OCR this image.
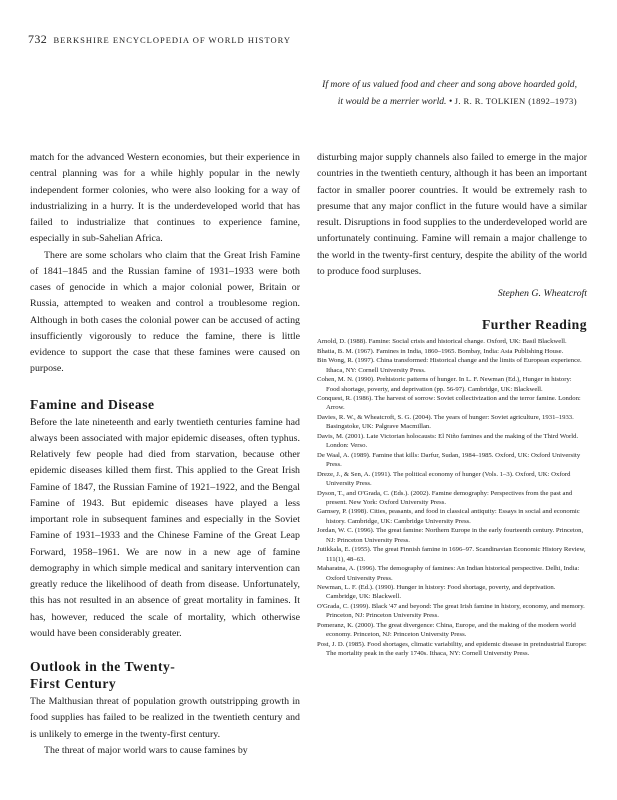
732 BERKSHIRE ENCYCLOPEDIA OF WORLD HISTORY
If more of us valued food and cheer and song above hoarded gold,
it would be a merrier world. • J. R. R. TOLKIEN (1892–1973)

match for the advanced Western economies, but their experience in central planning was for a while highly popular in the newly independent former colonies, who were also looking for a way of industrializing in a hurry. It is the underdeveloped world that has failed to industrialize that continues to experience famine, especially in sub-Sahelian Africa.

There are some scholars who claim that the Great Irish Famine of 1841–1845 and the Russian famine of 1931–1933 were both cases of genocide in which a major colonial power, Britain or Russia, attempted to weaken and control a troublesome region. Although in both cases the colonial power can be accused of acting insufficiently vigorously to reduce the famine, there is little evidence to support the case that these famines were caused on purpose.

Famine and Disease

Before the late nineteenth and early twentieth centuries famine had always been associated with major epidemic diseases, often typhus. Relatively few people had died from starvation, because other epidemic diseases killed them first. This applied to the Great Irish Famine of 1847, the Russian Famine of 1921–1922, and the Bengal Famine of 1943. But epidemic diseases have played a less important role in subsequent famines and especially in the Soviet Famine of 1931–1933 and the Chinese Famine of the Great Leap Forward, 1958–1961. We are now in a new age of famine demography in which simple medical and sanitary intervention can greatly reduce the likelihood of death from disease. Unfortunately, this has not resulted in an absence of great mortality in famines. It has, however, reduced the scale of mortality, which otherwise would have been considerably greater.

Outlook in the Twenty-
First Century

The Malthusian threat of population growth outstripping growth in food supplies has failed to be realized in the twentieth century and is unlikely to emerge in the twenty-first century.

The threat of major world wars to cause famines by

disturbing major supply channels also failed to emerge in the major countries in the twentieth century, although it has been an important factor in smaller poorer countries. It would be extremely rash to presume that any major conflict in the future would have a similar result. Disruptions in food supplies to the underdeveloped world are unfortunately continuing. Famine will remain a major challenge to the world in the twenty-first century, despite the ability of the world to produce food surpluses.

Stephen G. Wheatcroft
Further Reading
Arnold, D. (1988). Famine: Social crisis and historical change. Oxford, UK: Basil Blackwell.
Bhatia, B. M. (1967). Famines in India, 1860–1965. Bombay, India: Asia Publishing House.
Bin Wong, R. (1997). China transformed: Historical change and the limits of European experience. Ithaca, NY: Cornell University Press.
Cohen, M. N. (1990). Prehistoric patterns of hunger. In L. F. Newman (Ed.), Hunger in history: Food shortage, poverty, and deprivation (pp. 56-97). Cambridge, UK: Blackwell.
Conquest, R. (1986). The harvest of sorrow: Soviet collectivization and the terror famine. London: Arrow.
Davies, R. W., & Wheatcroft, S. G. (2004). The years of hunger: Soviet agriculture, 1931–1933. Basingstoke, UK: Palgrave Macmillan.
Davis, M. (2001). Late Victorian holocausts: El Niño famines and the making of the Third World. London: Verso.
De Waal, A. (1989). Famine that kills: Darfur, Sudan, 1984–1985. Oxford, UK: Oxford University Press.
Dreze, J., & Sen, A. (1991). The political economy of hunger (Vols. 1–3). Oxford, UK: Oxford University Press.
Dyson, T., and O'Grada, C. (Eds.). (2002). Famine demography: Perspectives from the past and present. New York: Oxford University Press.
Garnsey, P. (1998). Cities, peasants, and food in classical antiquity: Essays in social and economic history. Cambridge, UK: Cambridge University Press.
Jordan, W. C. (1996). The great famine: Northern Europe in the early fourteenth century. Princeton, NJ: Princeton University Press.
Jutikkala, E. (1955). The great Finnish famine in 1696–97. Scandinavian Economic History Review, 111(1), 48–63.
Maharatna, A. (1996). The demography of famines: An Indian historical perspective. Delhi, India: Oxford University Press.
Newman, L. F. (Ed.). (1990). Hunger in history: Food shortage, poverty, and deprivation. Cambridge, UK: Blackwell.
O'Grada, C. (1999). Black '47 and beyond: The great Irish famine in history, economy, and memory. Princeton, NJ: Princeton University Press.
Pomeranz, K. (2000). The great divergence: China, Europe, and the making of the modern world economy. Princeton, NJ: Princeton University Press.
Post, J. D. (1985). Food shortages, climatic variability, and epidemic disease in preindustrial Europe: The mortality peak in the early 1740s. Ithaca, NY: Cornell University Press.
